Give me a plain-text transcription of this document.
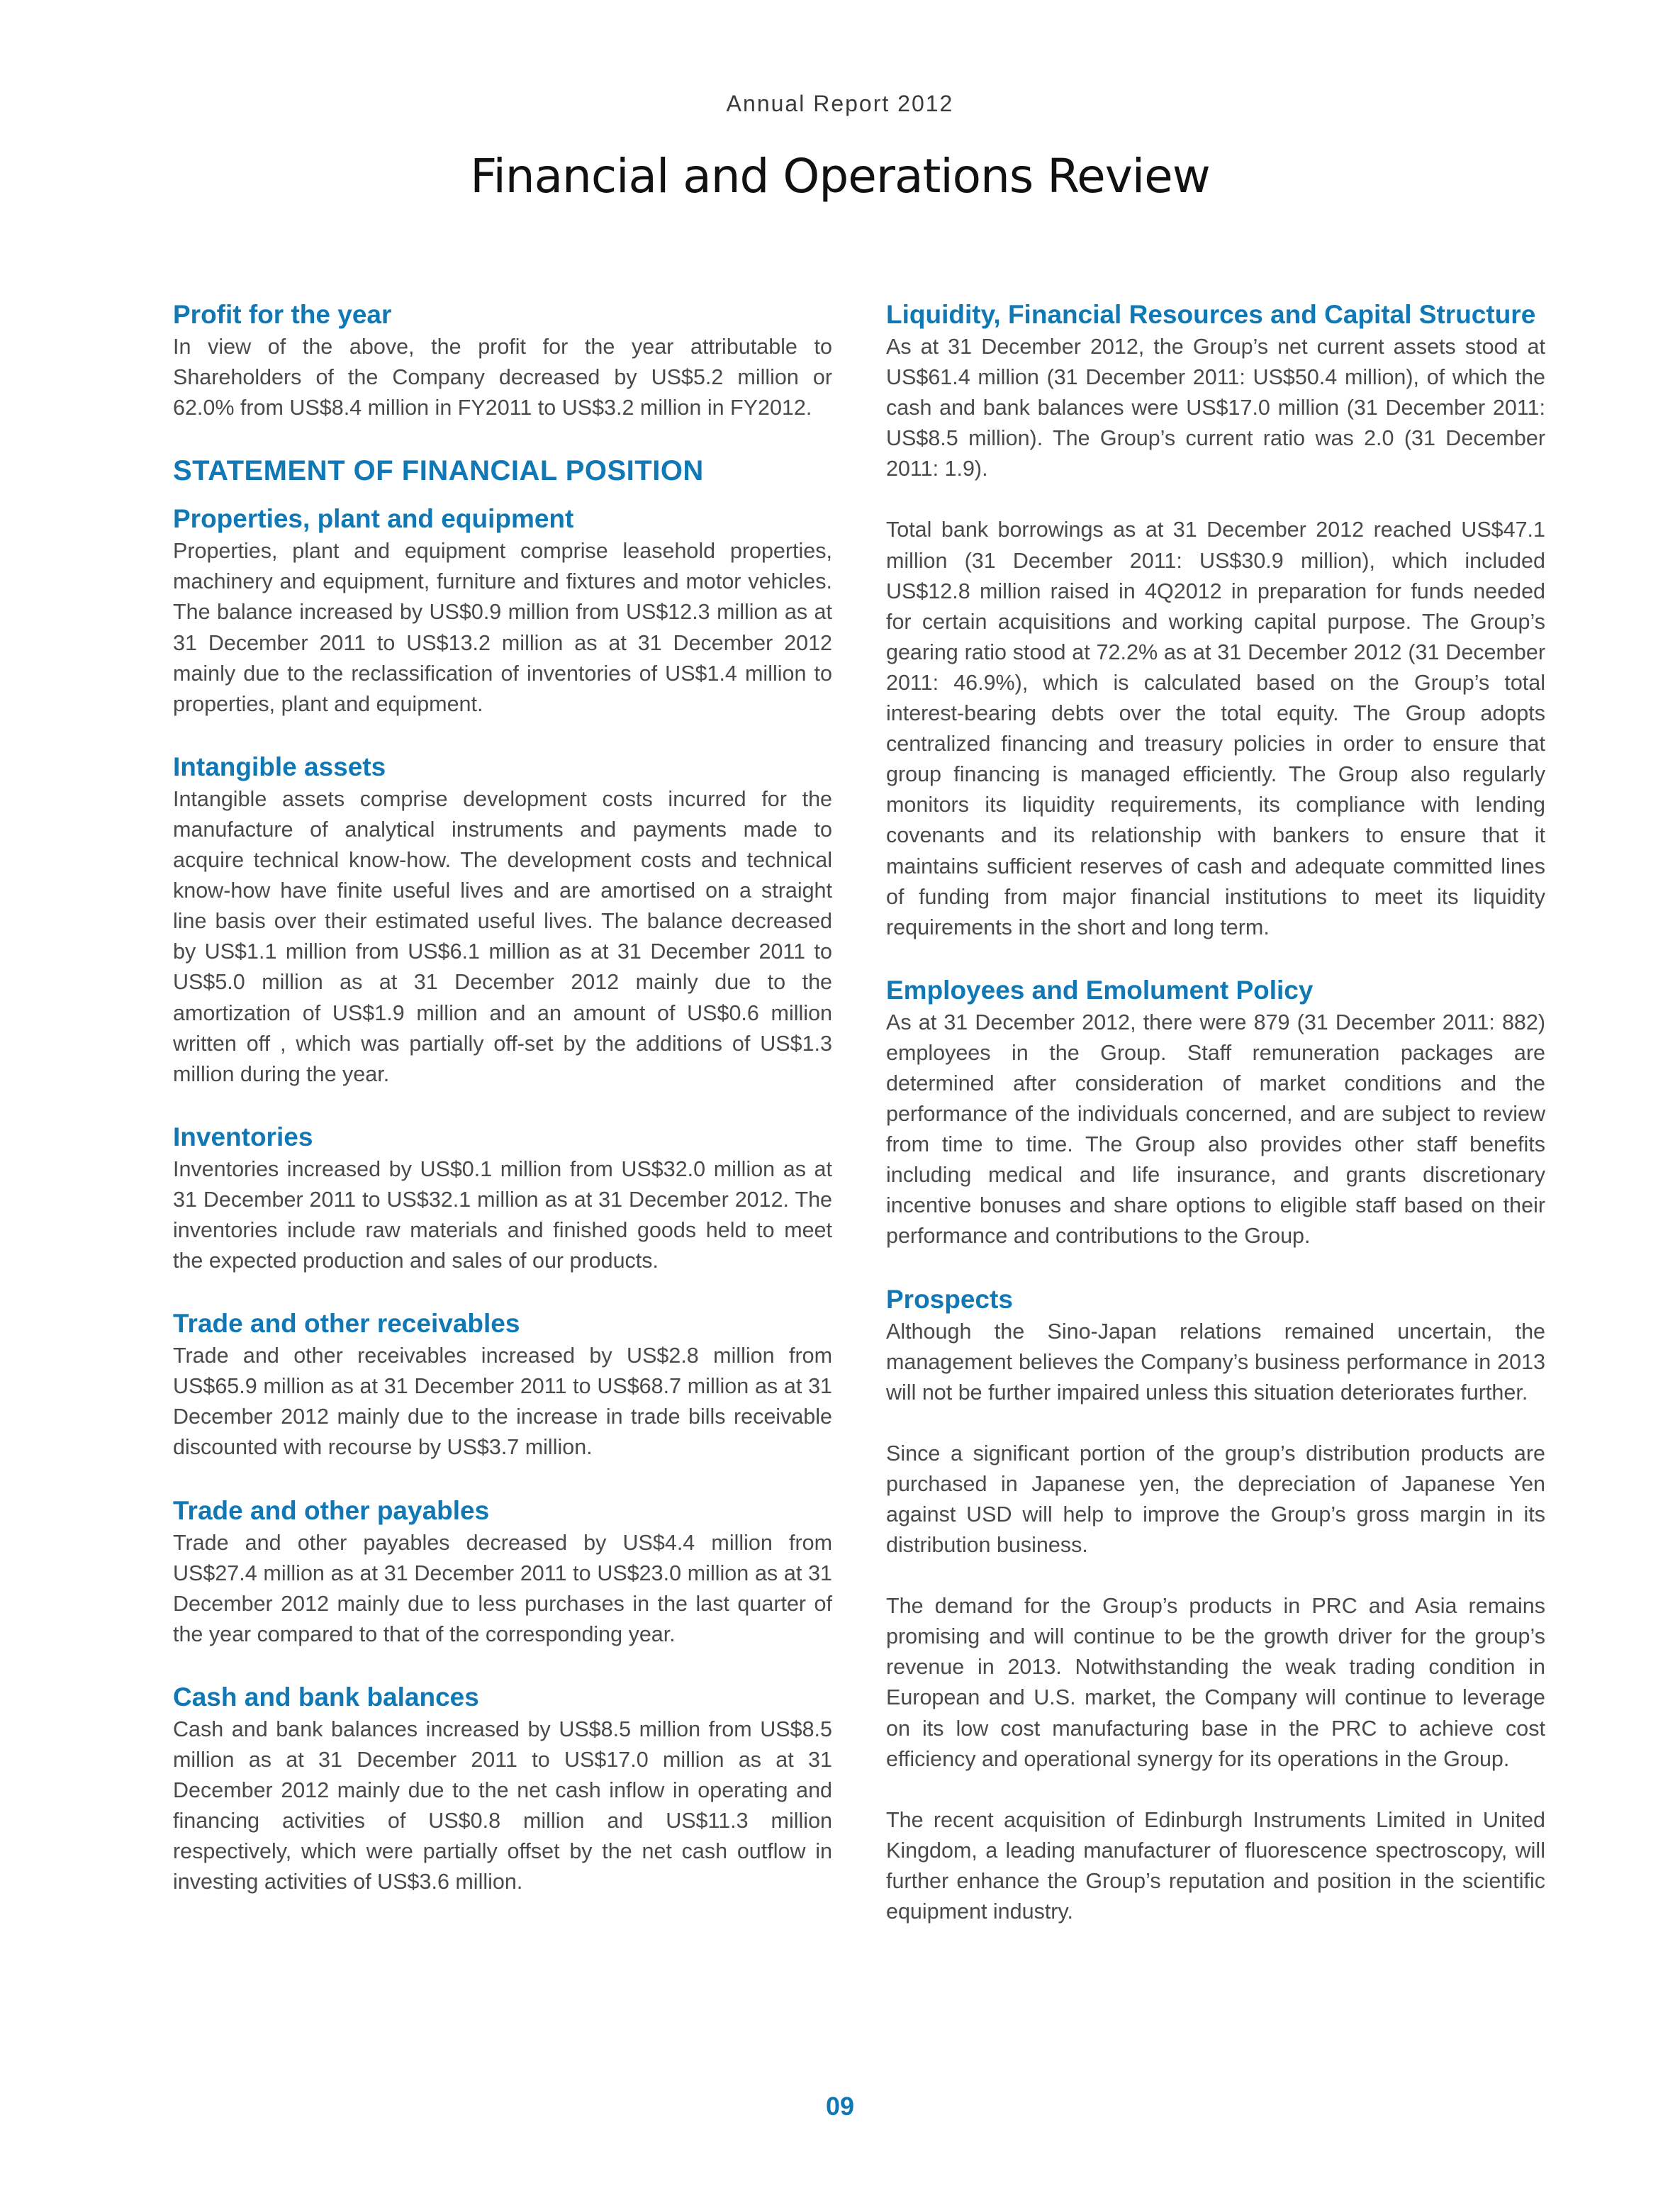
Annual Report 2012
Financial and Operations Review
Profit for the year

In view of the above, the profit for the year attributable to Shareholders of the Company decreased by US$5.2 million or 62.0% from US$8.4 million in FY2011 to US$3.2 million in FY2012.

STATEMENT OF FINANCIAL POSITION
Properties, plant and equipment

Properties, plant and equipment comprise leasehold properties, machinery and equipment, furniture and fixtures and motor vehicles. The balance increased by US$0.9 million from US$12.3 million as at 31 December 2011 to US$13.2 million as at 31 December 2012 mainly due to the reclassification of inventories of US$1.4 million to properties, plant and equipment.

Intangible assets

Intangible assets comprise development costs incurred for the manufacture of analytical instruments and payments made to acquire technical know-how. The development costs and technical know-how have finite useful lives and are amortised on a straight line basis over their estimated useful lives. The balance decreased by US$1.1 million from US$6.1 million as at 31 December 2011 to US$5.0 million as at 31 December 2012 mainly due to the amortization of US$1.9 million and an amount of US$0.6 million written off , which was partially off-set by the additions of US$1.3 million during the year.

Inventories

Inventories increased by US$0.1 million from US$32.0 million as at 31 December 2011 to US$32.1 million as at 31 December 2012. The inventories include raw materials and finished goods held to meet the expected production and sales of our products.

Trade and other receivables

Trade and other receivables increased by US$2.8 million from US$65.9 million as at 31 December 2011 to US$68.7 million as at 31 December 2012 mainly due to the increase in trade bills receivable discounted with recourse by US$3.7 million.

Trade and other payables

Trade and other payables decreased by US$4.4 million from US$27.4 million as at 31 December 2011 to US$23.0 million as at 31 December 2012 mainly due to less purchases in the last quarter of the year compared to that of the corresponding year.

Cash and bank balances

Cash and bank balances increased by US$8.5 million from US$8.5 million as at 31 December 2011 to US$17.0 million as at 31 December 2012 mainly due to the net cash inflow in operating and financing activities of US$0.8 million and US$11.3 million respectively, which were partially offset by the net cash outflow in investing activities of US$3.6 million.

Liquidity, Financial Resources and Capital Structure

As at 31 December 2012, the Group’s net current assets stood at US$61.4 million (31 December 2011: US$50.4 million), of which the cash and bank balances were US$17.0 million (31 December 2011: US$8.5 million). The Group’s current ratio was 2.0 (31 December 2011: 1.9).

Total bank borrowings as at 31 December 2012 reached US$47.1 million (31 December 2011: US$30.9 million), which included US$12.8 million raised in 4Q2012 in preparation for funds needed for certain acquisitions and working capital purpose. The Group’s gearing ratio stood at 72.2% as at 31 December 2012 (31 December 2011: 46.9%), which is calculated based on the Group’s total interest-bearing debts over the total equity. The Group adopts centralized financing and treasury policies in order to ensure that group financing is managed efficiently. The Group also regularly monitors its liquidity requirements, its compliance with lending covenants and its relationship with bankers to ensure that it maintains sufficient reserves of cash and adequate committed lines of funding from major financial institutions to meet its liquidity requirements in the short and long term.

Employees and Emolument Policy

As at 31 December 2012, there were 879 (31 December 2011: 882) employees in the Group. Staff remuneration packages are determined after consideration of market conditions and the performance of the individuals concerned, and are subject to review from time to time. The Group also provides other staff benefits including medical and life insurance, and grants discretionary incentive bonuses and share options to eligible staff based on their performance and contributions to the Group.

Prospects

Although the Sino-Japan relations remained uncertain, the management believes the Company’s business performance in 2013 will not be further impaired unless this situation deteriorates further.

Since a significant portion of the group’s distribution products are purchased in Japanese yen, the depreciation of Japanese Yen against USD will help to improve the Group’s gross margin in its distribution business.

The demand for the Group’s products in PRC and Asia remains promising and will continue to be the growth driver for the group’s revenue in 2013. Notwithstanding the weak trading condition in European and U.S. market, the Company will continue to leverage on its low cost manufacturing base in the PRC to achieve cost efficiency and operational synergy for its operations in the Group.

The recent acquisition of Edinburgh Instruments Limited in United Kingdom, a leading manufacturer of fluorescence spectroscopy, will further enhance the Group’s reputation and position in the scientific equipment industry.

09
